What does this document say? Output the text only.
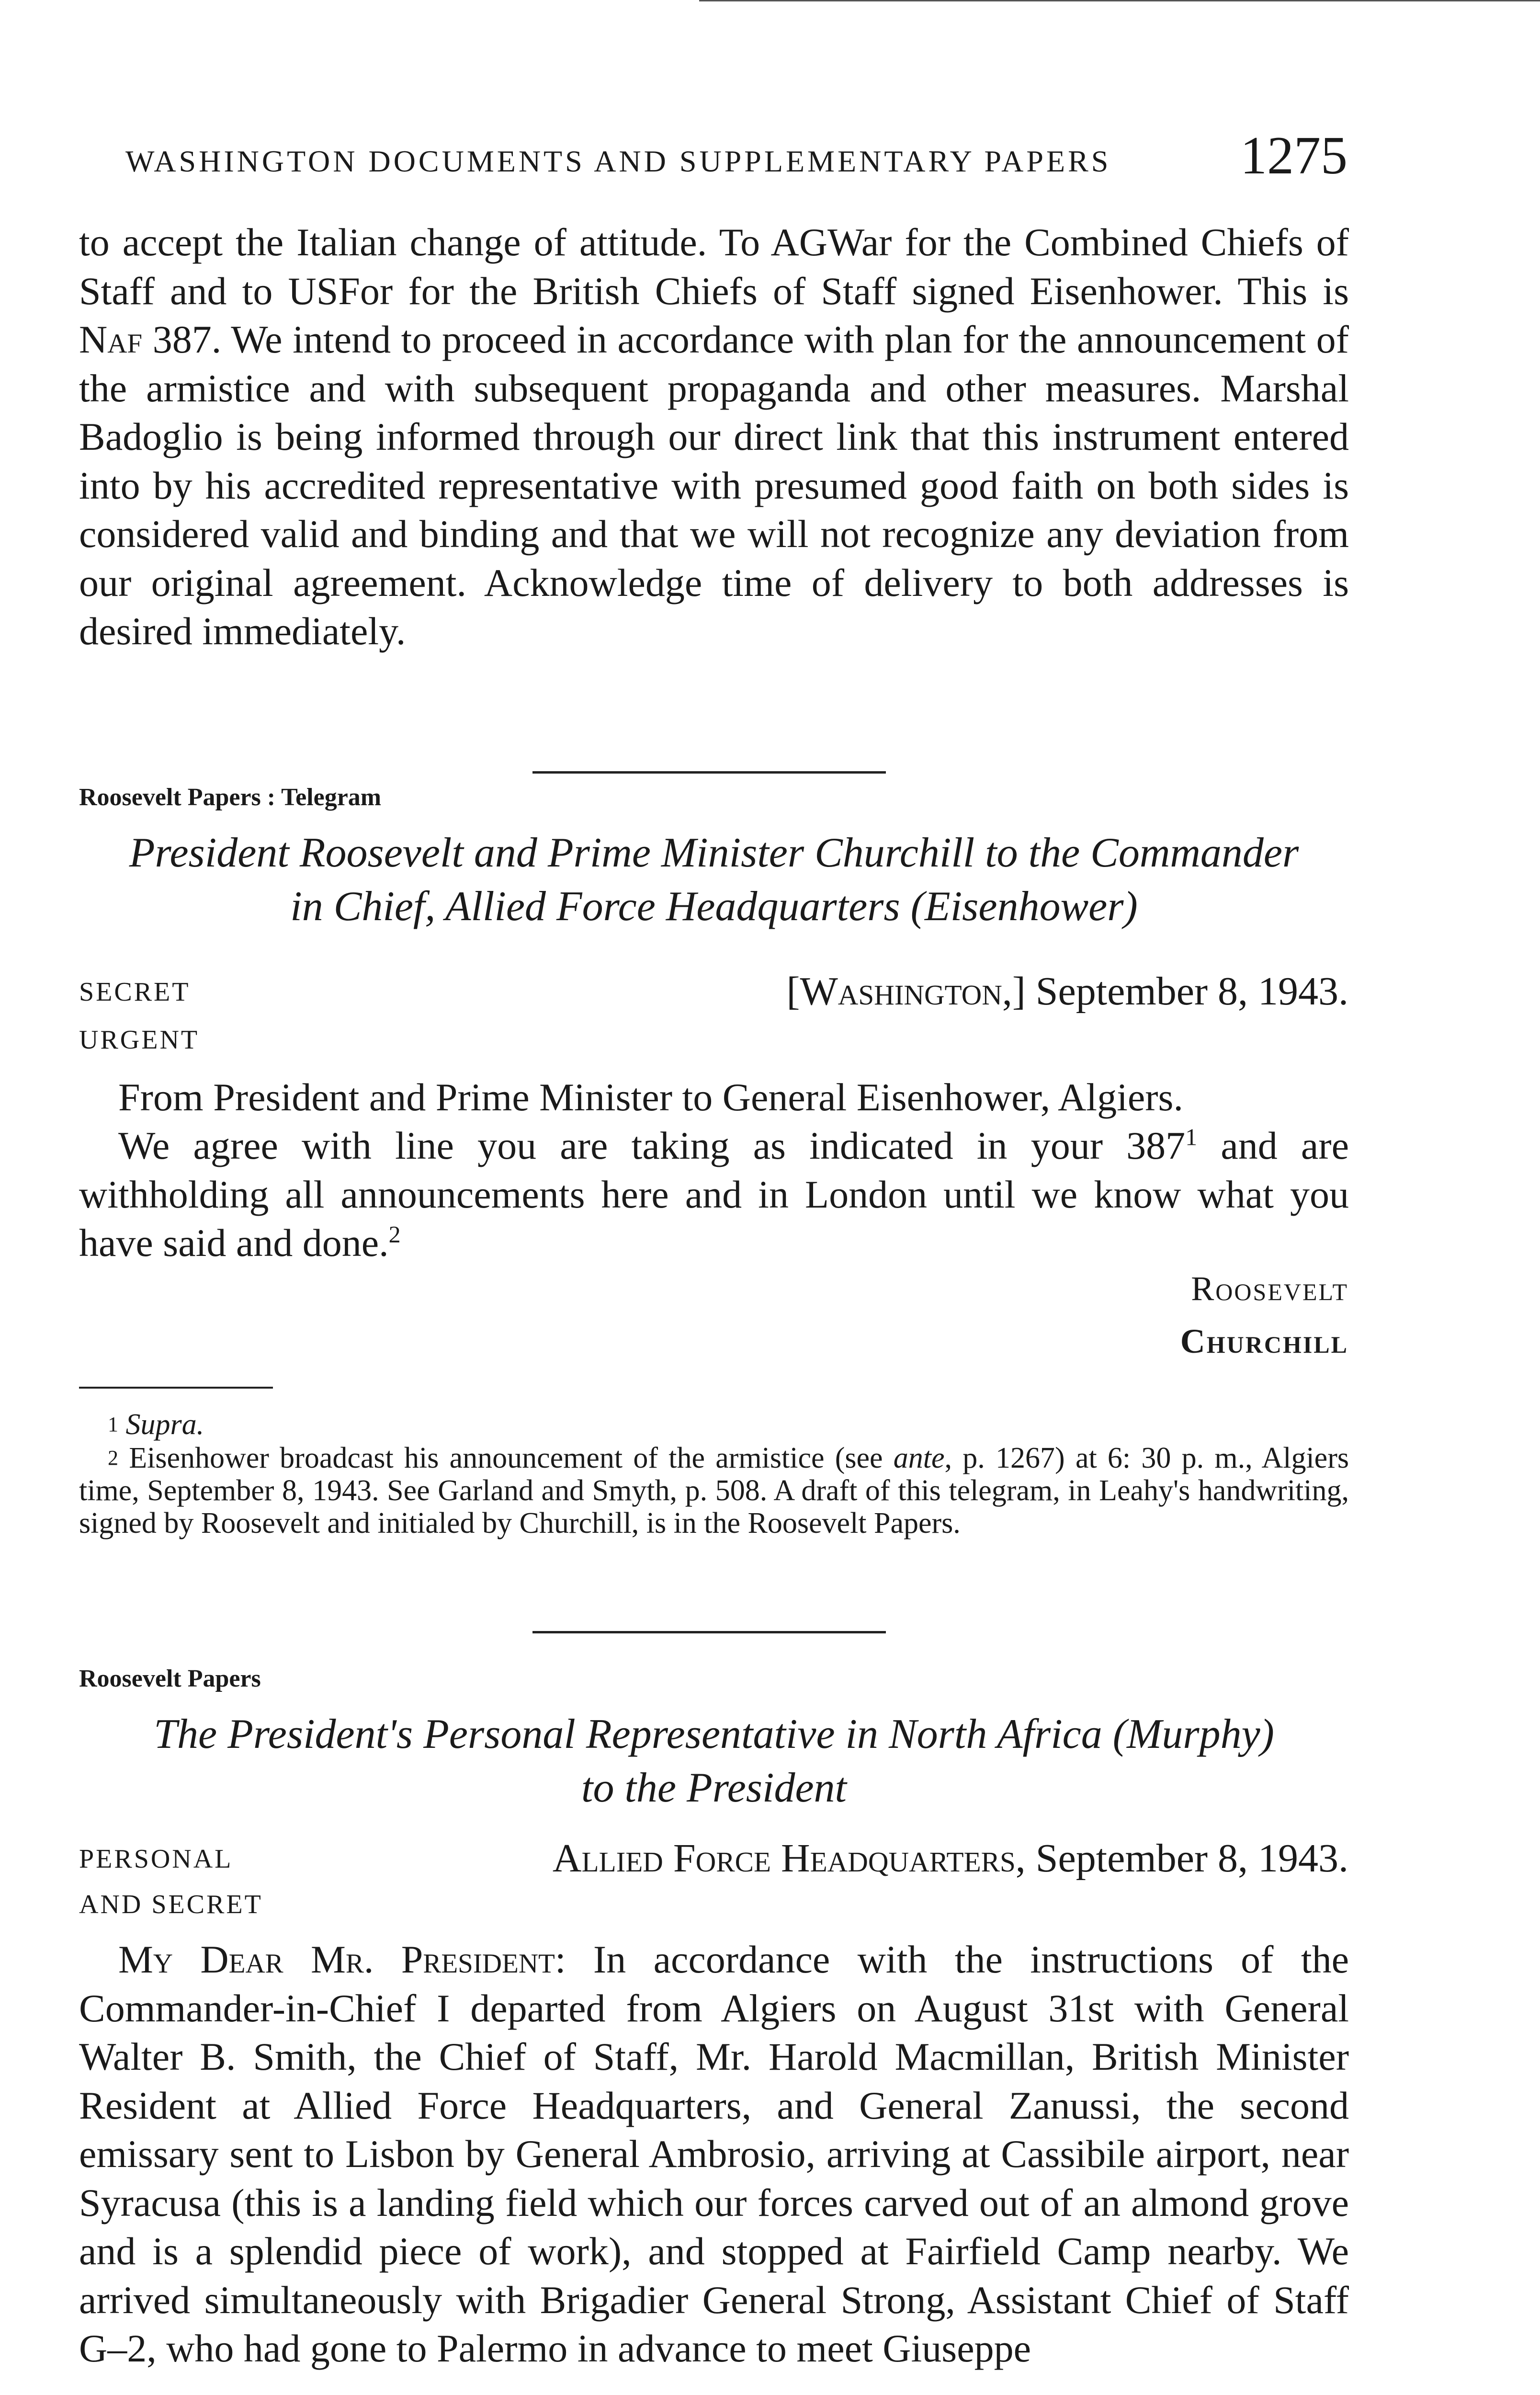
WASHINGTON DOCUMENTS AND SUPPLEMENTARY PAPERS 1275
to accept the Italian change of attitude. To AGWar for the Combined Chiefs of Staff and to USFor for the British Chiefs of Staff signed Eisenhower. This is Naf 387. We intend to proceed in accordance with plan for the announcement of the armistice and with subsequent propaganda and other measures. Marshal Badoglio is being informed through our direct link that this instrument entered into by his accredited representative with presumed good faith on both sides is considered valid and binding and that we will not recognize any deviation from our original agreement. Acknowledge time of delivery to both addresses is desired immediately.
Roosevelt Papers : Telegram
President Roosevelt and Prime Minister Churchill to the Commander
in Chief, Allied Force Headquarters (Eisenhower)
SECRET
URGENT
[Washington,] September 8, 1943.
From President and Prime Minister to General Eisenhower, Algiers.
We agree with line you are taking as indicated in your 387$^1$ and are withholding all announcements here and in London until we know what you have said and done.$^2$
Roosevelt
Churchill
$^1$ Supra.
$^2$ Eisenhower broadcast his announcement of the armistice (see ante, p. 1267) at 6: 30 p. m., Algiers time, September 8, 1943. See Garland and Smyth, p. 508. A draft of this telegram, in Leahy's handwriting, signed by Roosevelt and initialed by Churchill, is in the Roosevelt Papers.
Roosevelt Papers
The President's Personal Representative in North Africa (Murphy)
to the President
PERSONAL
AND SECRET
Allied Force Headquarters, September 8, 1943.
My Dear Mr. President: In accordance with the instructions of the Commander-in-Chief I departed from Algiers on August 31st with General Walter B. Smith, the Chief of Staff, Mr. Harold Macmillan, British Minister Resident at Allied Force Headquarters, and General Zanussi, the second emissary sent to Lisbon by General Ambrosio, arriving at Cassibile airport, near Syracusa (this is a landing field which our forces carved out of an almond grove and is a splendid piece of work), and stopped at Fairfield Camp nearby. We arrived simultaneously with Brigadier General Strong, Assistant Chief of Staff G–2, who had gone to Palermo in advance to meet Giuseppe
